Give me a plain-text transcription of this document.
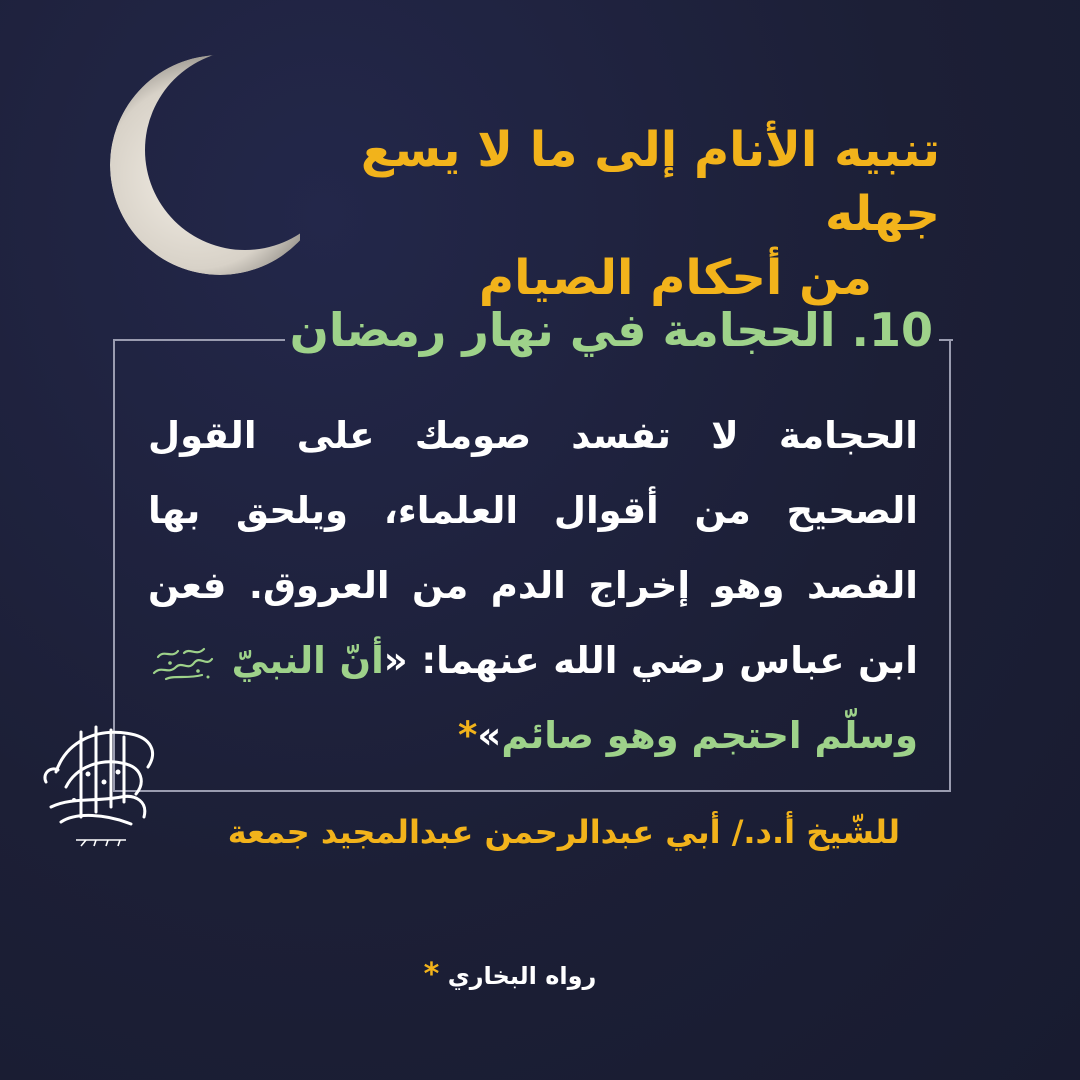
تنبيه الأنام إلى ما لا يسع جهله
من أحكام الصيام
10. الحجامة في نهار رمضان
الحجامة لا تفسد صومك على القول الصحيح من أقوال العلماء، ويلحق بها الفصد وهو إخراج الدم من العروق. فعن ابن عباس رضي الله عنهما: «أنّ النبيّ  وسلّم احتجم وهو صائم»*
للشّيخ أ.د./ أبي عبدالرحمن عبدالمجيد جمعة
رواه البخاري *
